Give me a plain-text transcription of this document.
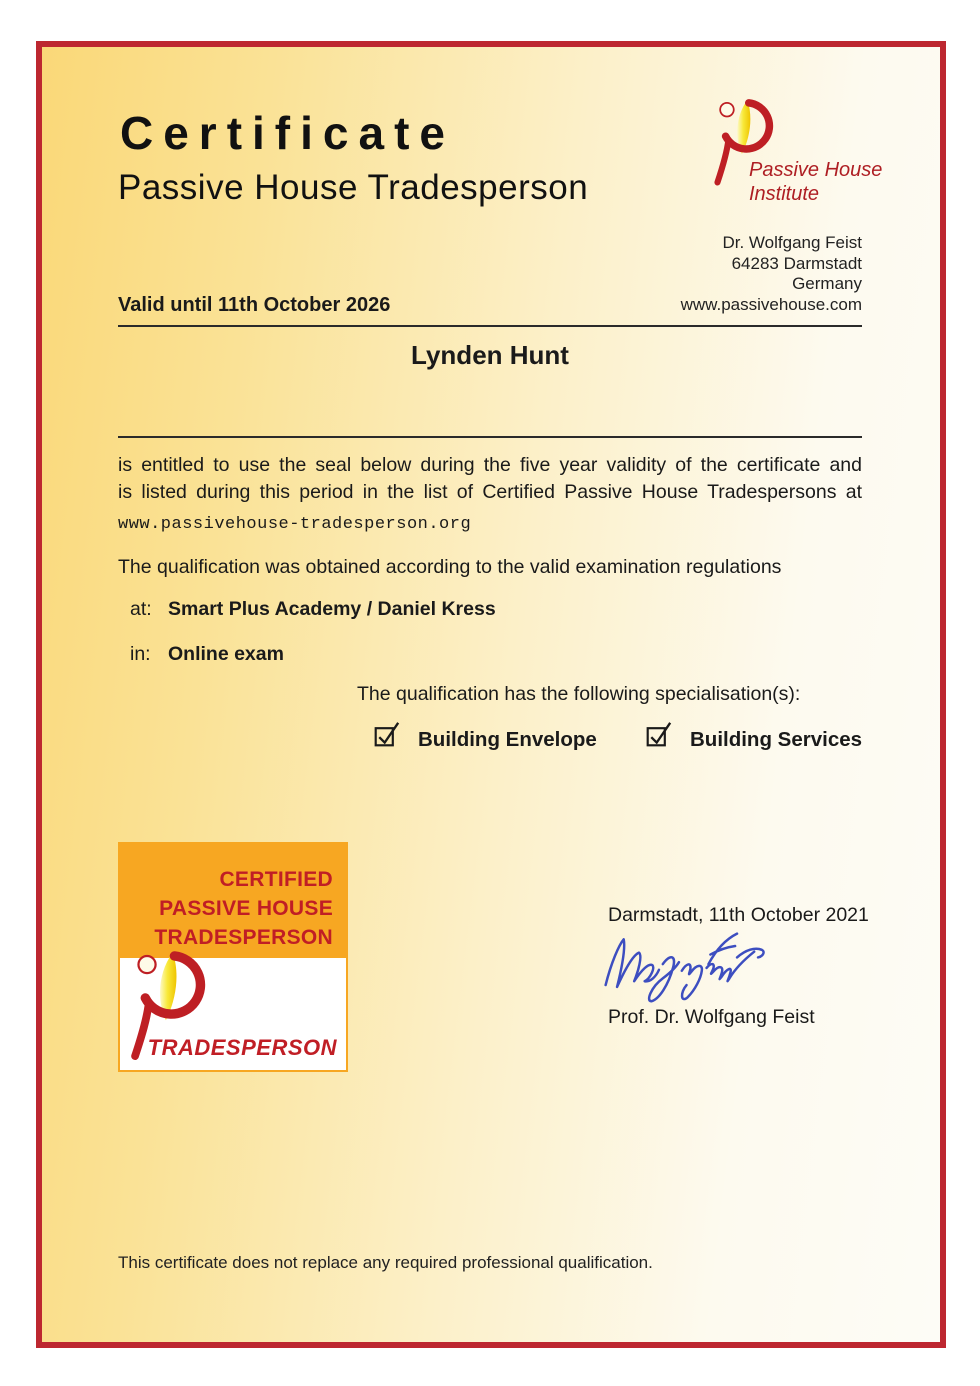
Certificate
Passive House Tradesperson	Passive House
Institute
Dr. Wolfgang Feist
64283 Darmstadt
Germany
www.passivehouse.com
Valid until 11th October 2026
Lynden Hunt
is entitled to use the seal below during the five year validity of the certificate and
is listed during this period in the list of Certified Passive House Tradespersons at
www.passivehouse-tradesperson.org
The qualification was obtained according to the valid examination regulations
at: Smart Plus Academy / Daniel Kress
in: Online exam
The qualification has the following specialisation(s):
Building Envelope	Building Services
CERTIFIED
PASSIVE HOUSE
TRADESPERSON
TRADESPERSON
Darmstadt, 11th October 2021
Prof. Dr. Wolfgang Feist
This certificate does not replace any required professional qualification.
